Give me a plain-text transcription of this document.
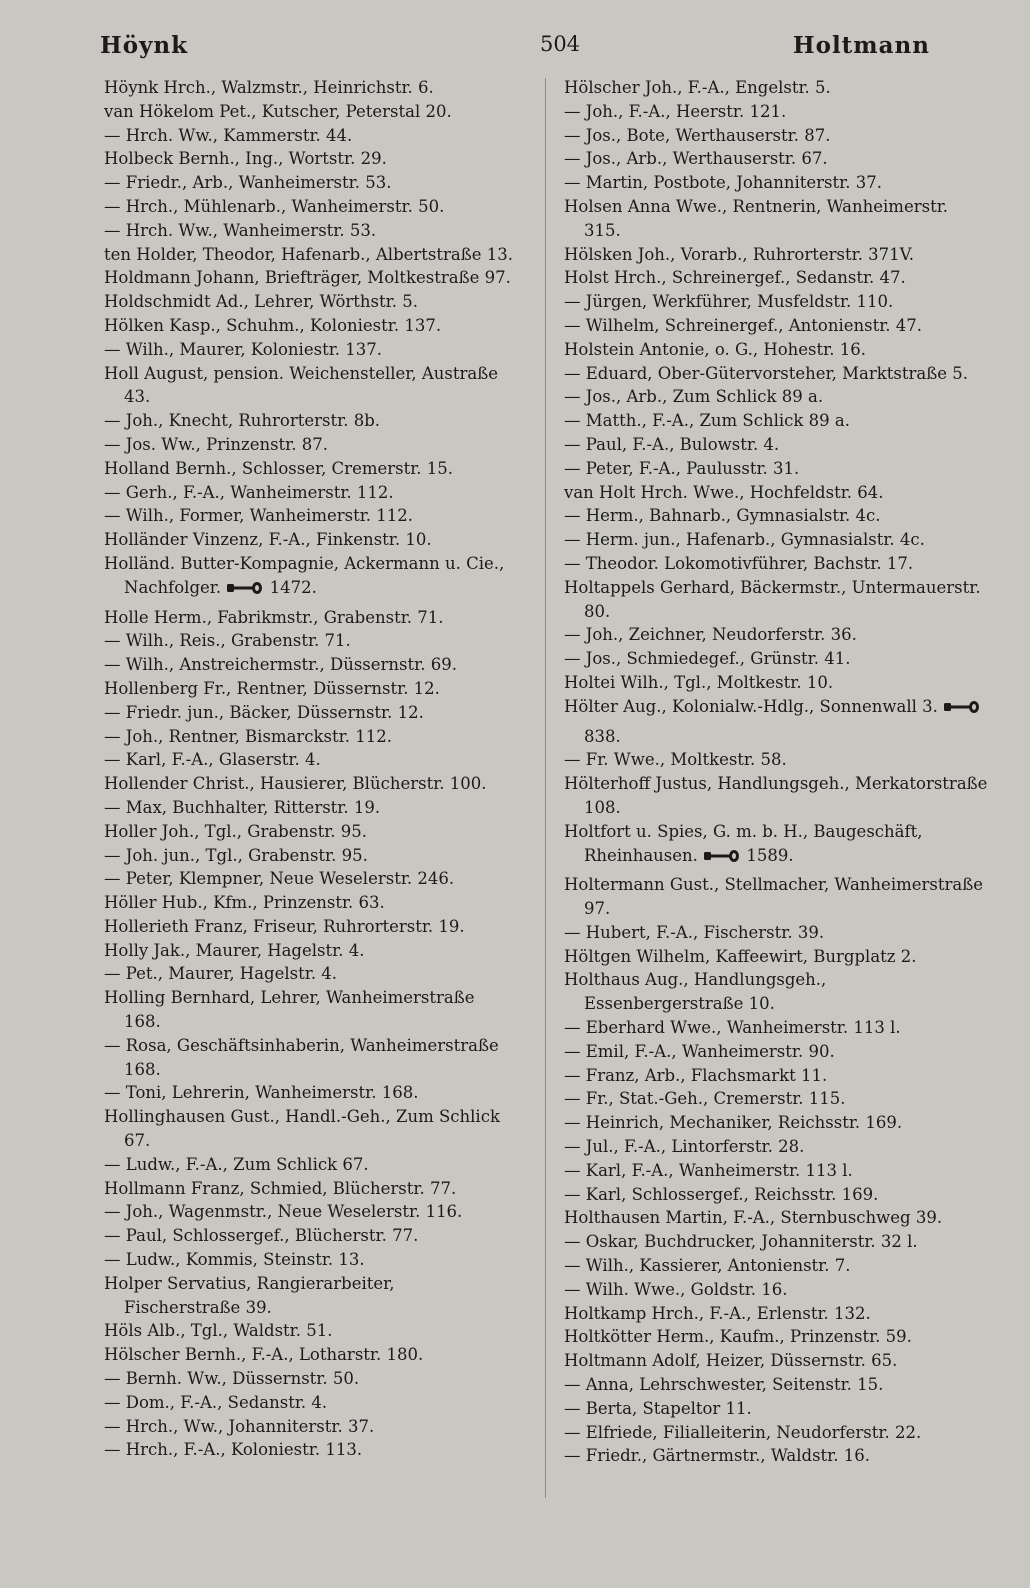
Höynk	504	Holtmann

Höynk Hrch., Walzmstr., Heinrichstr. 6.

van Hökelom Pet., Kutscher, Peterstal 20.

— Hrch. Ww., Kammerstr. 44.

Holbeck Bernh., Ing., Wortstr. 29.

— Friedr., Arb., Wanheimerstr. 53.

— Hrch., Mühlenarb., Wanheimerstr. 50.

— Hrch. Ww., Wanheimerstr. 53.

ten Holder, Theodor, Hafenarb., Albertstraße 13.

Holdmann Johann, Briefträger, Moltkestraße 97.

Holdschmidt Ad., Lehrer, Wörthstr. 5.

Hölken Kasp., Schuhm., Koloniestr. 137.

— Wilh., Maurer, Koloniestr. 137.

Holl August, pension. Weichensteller, Austraße 43.

— Joh., Knecht, Ruhrorterstr. 8b.

— Jos. Ww., Prinzenstr. 87.

Holland Bernh., Schlosser, Cremerstr. 15.

— Gerh., F.-A., Wanheimerstr. 112.

— Wilh., Former, Wanheimerstr. 112.

Holländer Vinzenz, F.-A., Finkenstr. 10.

Holländ. Butter-Kompagnie, Ackermann u. Cie., Nachfolger.  1472.

Holle Herm., Fabrikmstr., Grabenstr. 71.

— Wilh., Reis., Grabenstr. 71.

— Wilh., Anstreichermstr., Düssernstr. 69.

Hollenberg Fr., Rentner, Düssernstr. 12.

— Friedr. jun., Bäcker, Düssernstr. 12.

— Joh., Rentner, Bismarckstr. 112.

— Karl, F.-A., Glaserstr. 4.

Hollender Christ., Hausierer, Blücherstr. 100.

— Max, Buchhalter, Ritterstr. 19.

Holler Joh., Tgl., Grabenstr. 95.

— Joh. jun., Tgl., Grabenstr. 95.

— Peter, Klempner, Neue Weselerstr. 246.

Höller Hub., Kfm., Prinzenstr. 63.

Hollerieth Franz, Friseur, Ruhrorterstr. 19.

Holly Jak., Maurer, Hagelstr. 4.

— Pet., Maurer, Hagelstr. 4.

Holling Bernhard, Lehrer, Wanheimerstraße 168.

— Rosa, Geschäftsinhaberin, Wanheimerstraße 168.

— Toni, Lehrerin, Wanheimerstr. 168.

Hollinghausen Gust., Handl.-Geh., Zum Schlick 67.

— Ludw., F.-A., Zum Schlick 67.

Hollmann Franz, Schmied, Blücherstr. 77.

— Joh., Wagenmstr., Neue Weselerstr. 116.

— Paul, Schlossergef., Blücherstr. 77.

— Ludw., Kommis, Steinstr. 13.

Holper Servatius, Rangierarbeiter, Fischerstraße 39.

Höls Alb., Tgl., Waldstr. 51.

Hölscher Bernh., F.-A., Lotharstr. 180.

— Bernh. Ww., Düssernstr. 50.

— Dom., F.-A., Sedanstr. 4.

— Hrch., Ww., Johanniterstr. 37.

— Hrch., F.-A., Koloniestr. 113.

Hölscher Joh., F.-A., Engelstr. 5.

— Joh., F.-A., Heerstr. 121.

— Jos., Bote, Werthauserstr. 87.

— Jos., Arb., Werthauserstr. 67.

— Martin, Postbote, Johanniterstr. 37.

Holsen Anna Wwe., Rentnerin, Wanheimerstr. 315.

Hölsken Joh., Vorarb., Ruhrorterstr. 371V.

Holst Hrch., Schreinergef., Sedanstr. 47.

— Jürgen, Werkführer, Musfeldstr. 110.

— Wilhelm, Schreinergef., Antonienstr. 47.

Holstein Antonie, o. G., Hohestr. 16.

— Eduard, Ober-Gütervorsteher, Marktstraße 5.

— Jos., Arb., Zum Schlick 89 a.

— Matth., F.-A., Zum Schlick 89 a.

— Paul, F.-A., Bulowstr. 4.

— Peter, F.-A., Paulusstr. 31.

van Holt Hrch. Wwe., Hochfeldstr. 64.

— Herm., Bahnarb., Gymnasialstr. 4c.

— Herm. jun., Hafenarb., Gymnasialstr. 4c.

— Theodor. Lokomotivführer, Bachstr. 17.

Holtappels Gerhard, Bäckermstr., Untermauerstr. 80.

— Joh., Zeichner, Neudorferstr. 36.

— Jos., Schmiedegef., Grünstr. 41.

Holtei Wilh., Tgl., Moltkestr. 10.

Hölter Aug., Kolonialw.-Hdlg., Sonnenwall 3.  838.

— Fr. Wwe., Moltkestr. 58.

Hölterhoff Justus, Handlungsgeh., Merkatorstraße 108.

Holtfort u. Spies, G. m. b. H., Baugeschäft, Rheinhausen.  1589.

Holtermann Gust., Stellmacher, Wanheimerstraße 97.

— Hubert, F.-A., Fischerstr. 39.

Höltgen Wilhelm, Kaffeewirt, Burgplatz 2.

Holthaus Aug., Handlungsgeh., Essenbergerstraße 10.

— Eberhard Wwe., Wanheimerstr. 113 l.

— Emil, F.-A., Wanheimerstr. 90.

— Franz, Arb., Flachsmarkt 11.

— Fr., Stat.-Geh., Cremerstr. 115.

— Heinrich, Mechaniker, Reichsstr. 169.

— Jul., F.-A., Lintorferstr. 28.

— Karl, F.-A., Wanheimerstr. 113 l.

— Karl, Schlossergef., Reichsstr. 169.

Holthausen Martin, F.-A., Sternbuschweg 39.

— Oskar, Buchdrucker, Johanniterstr. 32 l.

— Wilh., Kassierer, Antonienstr. 7.

— Wilh. Wwe., Goldstr. 16.

Holtkamp Hrch., F.-A., Erlenstr. 132.

Holtkötter Herm., Kaufm., Prinzenstr. 59.

Holtmann Adolf, Heizer, Düssernstr. 65.

— Anna, Lehrschwester, Seitenstr. 15.

— Berta, Stapeltor 11.

— Elfriede, Filialleiterin, Neudorferstr. 22.

— Friedr., Gärtnermstr., Waldstr. 16.
